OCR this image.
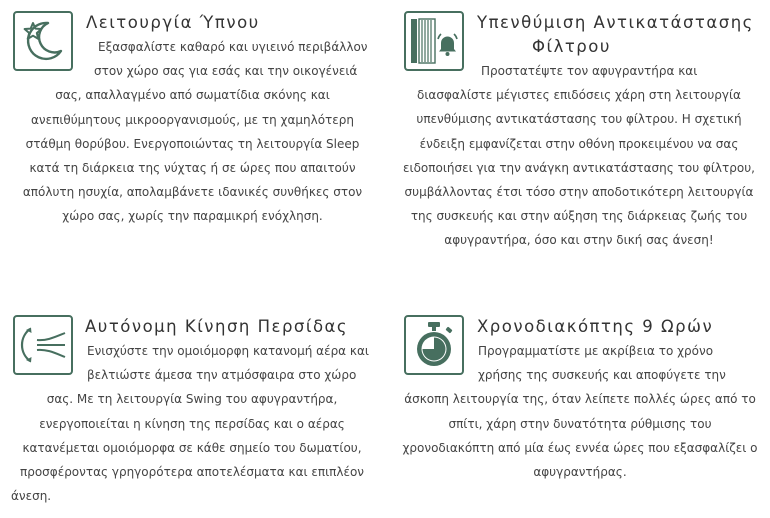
Λειτουργία Ύπνου
Εξασφαλίστε καθαρό και υγιεινό περιβάλλον
στον χώρο σας για εσάς και την οικογένειά
σας, απαλλαγμένο από σωματίδια σκόνης και
ανεπιθύμητους μικροοργανισμούς, με τη χαμηλότερη
στάθμη θορύβου. Ενεργοποιώντας τη λειτουργία Sleep
κατά τη διάρκεια της νύχτας ή σε ώρες που απαιτούν
απόλυτη ησυχία, απολαμβάνετε ιδανικές συνθήκες στον
χώρο σας, χωρίς την παραμικρή ενόχληση.
Υπενθύμιση Αντικατάστασης
Φίλτρου
Προστατέψτε τον αφυγραντήρα και
διασφαλίστε μέγιστες επιδόσεις χάρη στη λειτουργία
υπενθύμισης αντικατάστασης του φίλτρου. Η σχετική
ένδειξη εμφανίζεται στην οθόνη προκειμένου να σας
ειδοποιήσει για την ανάγκη αντικατάστασης του φίλτρου,
συμβάλλοντας έτσι τόσο στην αποδοτικότερη λειτουργία
της συσκευής και στην αύξηση της διάρκειας ζωής του
αφυγραντήρα, όσο και στην δική σας άνεση!
Αυτόνομη Κίνηση Περσίδας
Ενισχύστε την ομοιόμορφη κατανομή αέρα και
βελτιώστε άμεσα την ατμόσφαιρα στο χώρο
σας. Με τη λειτουργία Swing του αφυγραντήρα,
ενεργοποιείται η κίνηση της περσίδας και ο αέρας
κατανέμεται ομοιόμορφα σε κάθε σημείο του δωματίου,
προσφέροντας γρηγορότερα αποτελέσματα και επιπλέον
άνεση.
Χρονοδιακόπτης 9 Ωρών
Προγραμματίστε με ακρίβεια το χρόνο
χρήσης της συσκευής και αποφύγετε την
άσκοπη λειτουργία της, όταν λείπετε πολλές ώρες από το
σπίτι, χάρη στην δυνατότητα ρύθμισης του
χρονοδιακόπτη από μία έως εννέα ώρες που εξασφαλίζει ο
αφυγραντήρας.
